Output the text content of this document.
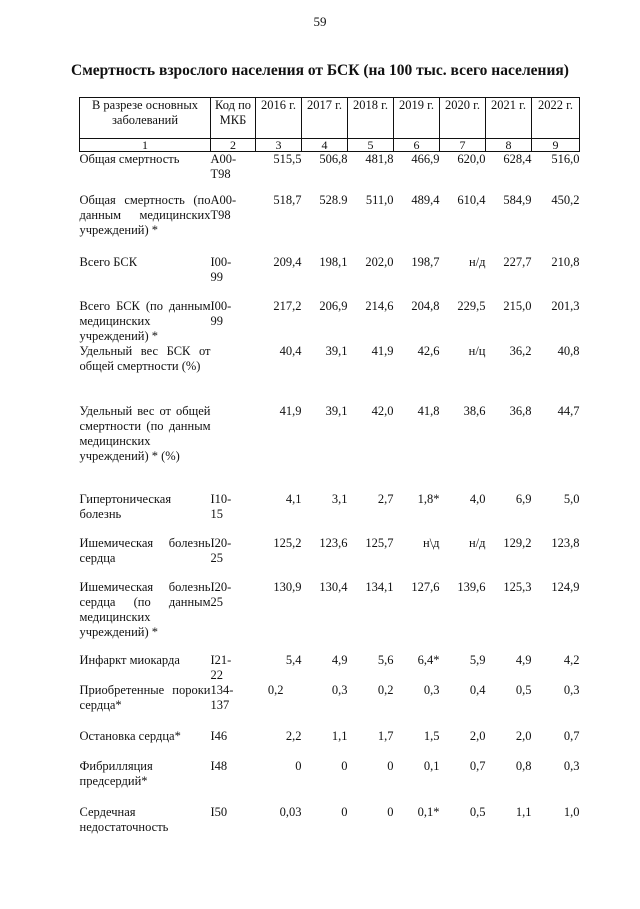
59
Смертность взрослого населения от БСК (на 100 тыс. всего населения)
В разрезе основных заболеваний	Код по МКБ	2016 г.	2017 г.	2018 г.	2019 г.	2020 г.	2021 г.	2022 г.
1	2	3	4	5	6	7	8	9
Общая смертность	А00-Т98	515,5	506,8	481,8	466,9	620,0	628,4	516,0
Общая смертность (по данным медицинских учреждений) *	А00-Т98	518,7	528.9	511,0	489,4	610,4	584,9	450,2
Всего БСК	I00-99	209,4	198,1	202,0	198,7	н/д	227,7	210,8
Всего БСК (по данным медицинских учреждений) *	I00-99	217,2	206,9	214,6	204,8	229,5	215,0	201,3
Удельный вес БСК от общей смертности (%)		40,4	39,1	41,9	42,6	н/ц	36,2	40,8
Удельный вес от общей смертности (по данным медицинских учреждений) * (%)		41,9	39,1	42,0	41,8	38,6	36,8	44,7
Гипертоническая болезнь	I10-15	4,1	3,1	2,7	1,8*	4,0	6,9	5,0
Ишемическая болезнь сердца	I20-25	125,2	123,6	125,7	н\д	н/д	129,2	123,8
Ишемическая болезнь сердца (по данным медицинских учреждений) *	I20-25	130,9	130,4	134,1	127,6	139,6	125,3	124,9
Инфаркт миокарда	I21-22	5,4	4,9	5,6	6,4*	5,9	4,9	4,2
Приобретенные пороки сердца*	134-137	0,2	0,3	0,2	0,3	0,4	0,5	0,3
Остановка сердца*	I46	2,2	1,1	1,7	1,5	2,0	2,0	0,7
Фибрилляция предсердий*	I48	0	0	0	0,1	0,7	0,8	0,3
Сердечная недостаточность	I50	0,03	0	0	0,1*	0,5	1,1	1,0
